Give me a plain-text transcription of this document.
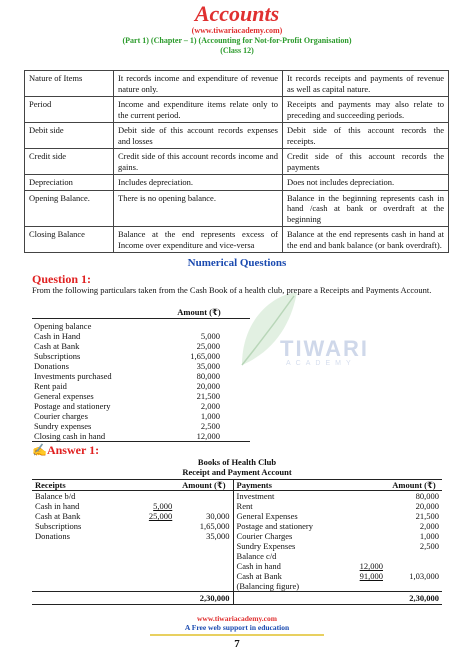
TIWARI
ACADEMY
Accounts
(www.tiwariacademy.com)
(Part 1) (Chapter – 1) (Accounting for Not-for-Profit Organisation)
(Class 12)
Nature of Items	It records income and expenditure of revenue nature only.	It records receipts and payments of revenue as well as capital nature.
Period	Income and expenditure items relate only to the current period.	Receipts and payments may also relate to preceding and succeeding periods.
Debit side	Debit side of this account records expenses and losses	Debit side of this account records the receipts.
Credit side	Credit side of this account records income and gains.	Credit side of this account records the payments
Depreciation	Includes depreciation.	Does not includes depreciation.
Opening Balance.	There is no opening balance.	Balance in the beginning represents cash in hand /cash at bank or overdraft at the beginning
Closing Balance	Balance at the end represents excess of Income over expenditure and vice-versa	Balance at the end represents cash in hand at the end and bank balance (or bank overdraft).
Numerical Questions
Question 1:
From the following particulars taken from the Cash Book of a health club, prepare a Receipts and Payments Account.
	Amount (₹)
Opening balance	
Cash in Hand	5,000
Cash at Bank	25,000
Subscriptions	1,65,000
Donations	35,000
Investments purchased	80,000
Rent paid	20,000
General expenses	21,500
Postage and stationery	2,000
Courier charges	1,000
Sundry expenses	2,500
Closing cash in hand	12,000
✍Answer 1:
Books of Health Club
Receipt and Payment Account
Receipts		Amount (₹)	Payments		Amount (₹)
Balance b/d			Investment		80,000
Cash in hand	5,000		Rent		20,000
Cash at Bank	25,000	30,000	General Expenses		21,500
Subscriptions		1,65,000	Postage and stationery		2,000
Donations		35,000	Courier Charges		1,000
			Sundry Expenses		2,500
			Balance c/d		
			Cash in hand	12,000	
			Cash at Bank	91,000	1,03,000
			(Balancing figure)		
		2,30,000			2,30,000
www.tiwariacademy.com
A Free web support in education
7
